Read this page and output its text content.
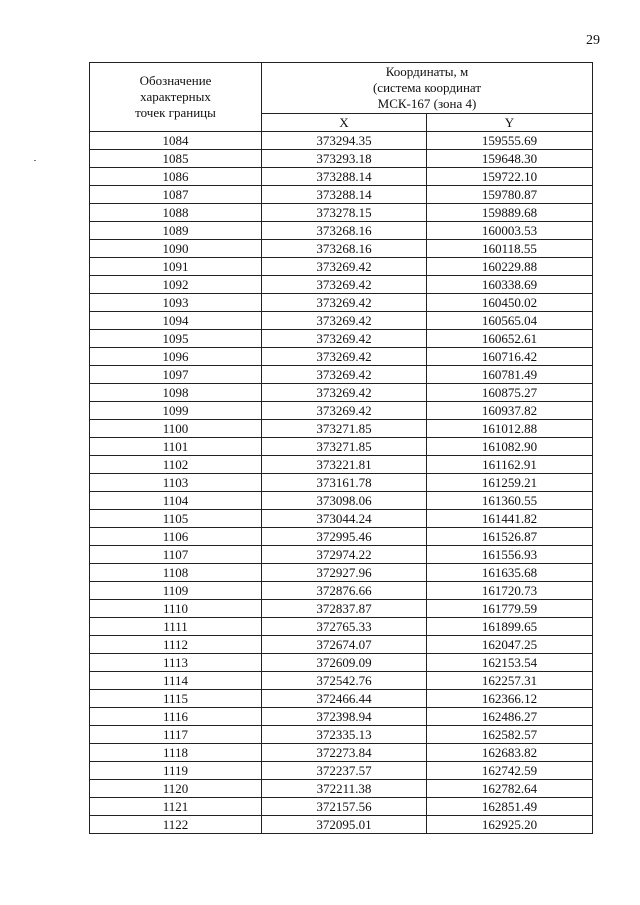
29
Обозначение
характерных
точек границы	Координаты, м
(система координат
МСК-167 (зона 4)	

	X	Y
1084	373294.35	159555.69
1085	373293.18	159648.30
1086	373288.14	159722.10
1087	373288.14	159780.87
1088	373278.15	159889.68
1089	373268.16	160003.53
1090	373268.16	160118.55
1091	373269.42	160229.88
1092	373269.42	160338.69
1093	373269.42	160450.02
1094	373269.42	160565.04
1095	373269.42	160652.61
1096	373269.42	160716.42
1097	373269.42	160781.49
1098	373269.42	160875.27
1099	373269.42	160937.82
1100	373271.85	161012.88
1101	373271.85	161082.90
1102	373221.81	161162.91
1103	373161.78	161259.21
1104	373098.06	161360.55
1105	373044.24	161441.82
1106	372995.46	161526.87
1107	372974.22	161556.93
1108	372927.96	161635.68
1109	372876.66	161720.73
1110	372837.87	161779.59
1111	372765.33	161899.65
1112	372674.07	162047.25
1113	372609.09	162153.54
1114	372542.76	162257.31
1115	372466.44	162366.12
1116	372398.94	162486.27
1117	372335.13	162582.57
1118	372273.84	162683.82
1119	372237.57	162742.59
1120	372211.38	162782.64
1121	372157.56	162851.49
1122	372095.01	162925.20
